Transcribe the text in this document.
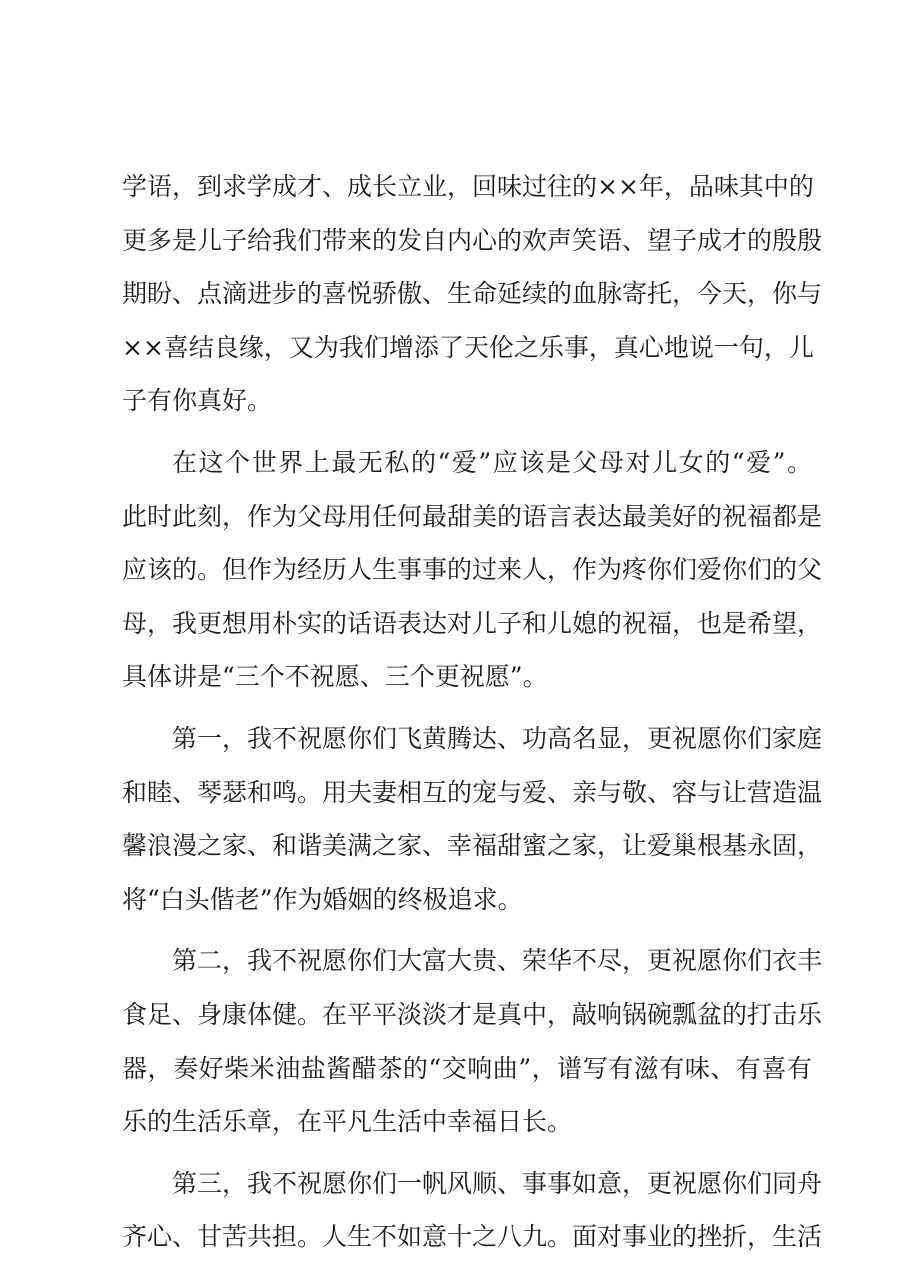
学语，到求学成才、成长立业，回味过往的××年，品味其中的
更多是儿子给我们带来的发自内心的欢声笑语、望子成才的殷殷
期盼、点滴进步的喜悦骄傲、生命延续的血脉寄托，今天，你与
××喜结良缘，又为我们增添了天伦之乐事，真心地说一句，儿
子有你真好。
在这个世界上最无私的“爱”应该是父母对儿女的“爱”。
此时此刻，作为父母用任何最甜美的语言表达最美好的祝福都是
应该的。但作为经历人生事事的过来人，作为疼你们爱你们的父
母，我更想用朴实的话语表达对儿子和儿媳的祝福，也是希望，
具体讲是“三个不祝愿、三个更祝愿”。
第一，我不祝愿你们飞黄腾达、功高名显，更祝愿你们家庭
和睦、琴瑟和鸣。用夫妻相互的宠与爱、亲与敬、容与让营造温
馨浪漫之家、和谐美满之家、幸福甜蜜之家，让爱巢根基永固，
将“白头偕老”作为婚姻的终极追求。
第二，我不祝愿你们大富大贵、荣华不尽，更祝愿你们衣丰
食足、身康体健。在平平淡淡才是真中，敲响锅碗瓢盆的打击乐
器，奏好柴米油盐酱醋茶的“交响曲”，谱写有滋有味、有喜有
乐的生活乐章，在平凡生活中幸福日长。
第三，我不祝愿你们一帆风顺、事事如意，更祝愿你们同舟
齐心、甘苦共担。人生不如意十之八九。面对事业的挫折，生活
